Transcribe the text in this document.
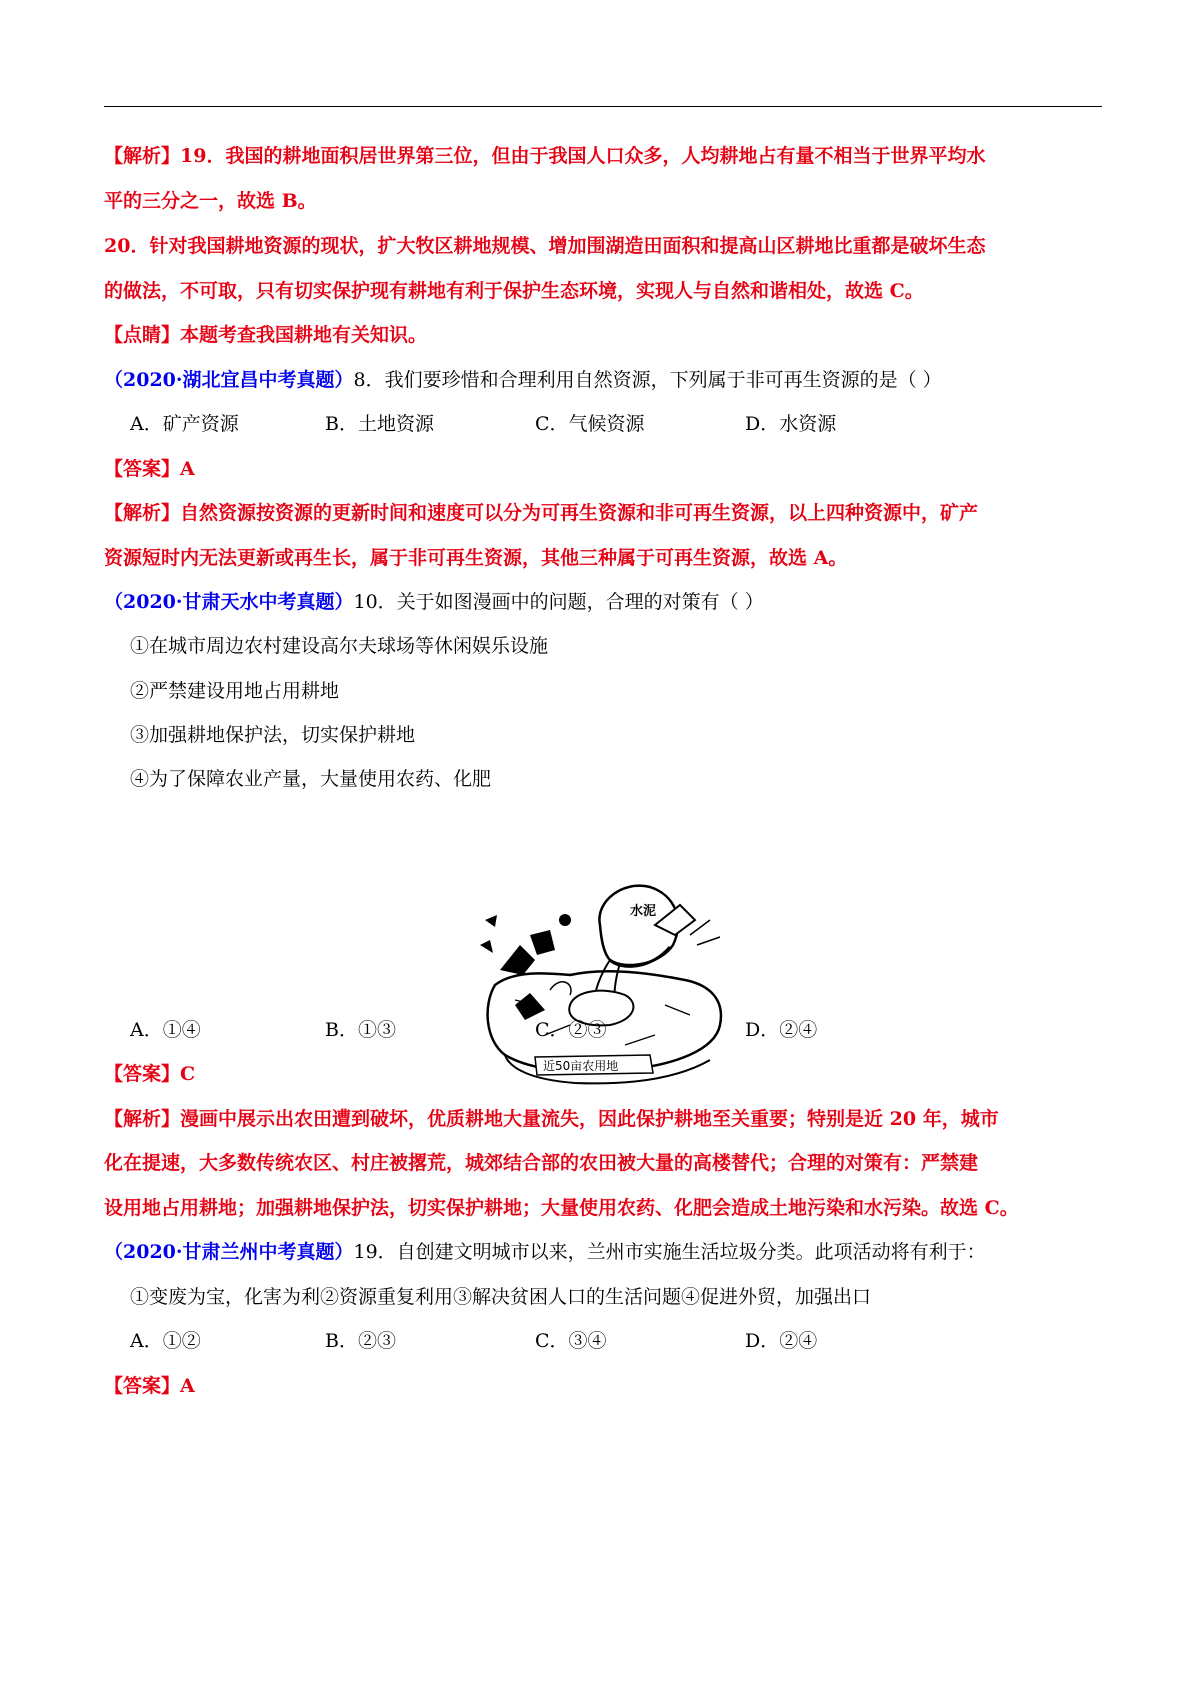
【解析】19．我国的耕地面积居世界第三位，但由于我国人口众多，人均耕地占有量不相当于世界平均水
平的三分之一，故选 B。
20．针对我国耕地资源的现状，扩大牧区耕地规模、增加围湖造田面积和提高山区耕地比重都是破坏生态
的做法，不可取，只有切实保护现有耕地有利于保护生态环境，实现人与自然和谐相处，故选 C。
【点睛】本题考查我国耕地有关知识。
（2020·湖北宜昌中考真题）8．我们要珍惜和合理利用自然资源，下列属于非可再生资源的是（ ）
A．矿产资源	B．土地资源	C．气候资源	D．水资源
【答案】A
【解析】自然资源按资源的更新时间和速度可以分为可再生资源和非可再生资源，以上四种资源中，矿产
资源短时内无法更新或再生长，属于非可再生资源，其他三种属于可再生资源，故选 A。
（2020·甘肃天水中考真题）10．关于如图漫画中的问题，合理的对策有（ ）
①在城市周边农村建设高尔夫球场等休闲娱乐设施
②严禁建设用地占用耕地
③加强耕地保护法，切实保护耕地
④为了保障农业产量，大量使用农药、化肥
水泥
近50亩农用地
A．①④	B．①③	C．②③	D．②④
【答案】C
【解析】漫画中展示出农田遭到破坏，优质耕地大量流失，因此保护耕地至关重要；特别是近 20 年，城市
化在提速，大多数传统农区、村庄被撂荒，城郊结合部的农田被大量的高楼替代；合理的对策有：严禁建
设用地占用耕地；加强耕地保护法，切实保护耕地；大量使用农药、化肥会造成土地污染和水污染。故选 C。
（2020·甘肃兰州中考真题）19．自创建文明城市以来，兰州市实施生活垃圾分类。此项活动将有利于：
①变废为宝，化害为利②资源重复利用③解决贫困人口的生活问题④促进外贸，加强出口
A．①②	B．②③	C．③④	D．②④
【答案】A
